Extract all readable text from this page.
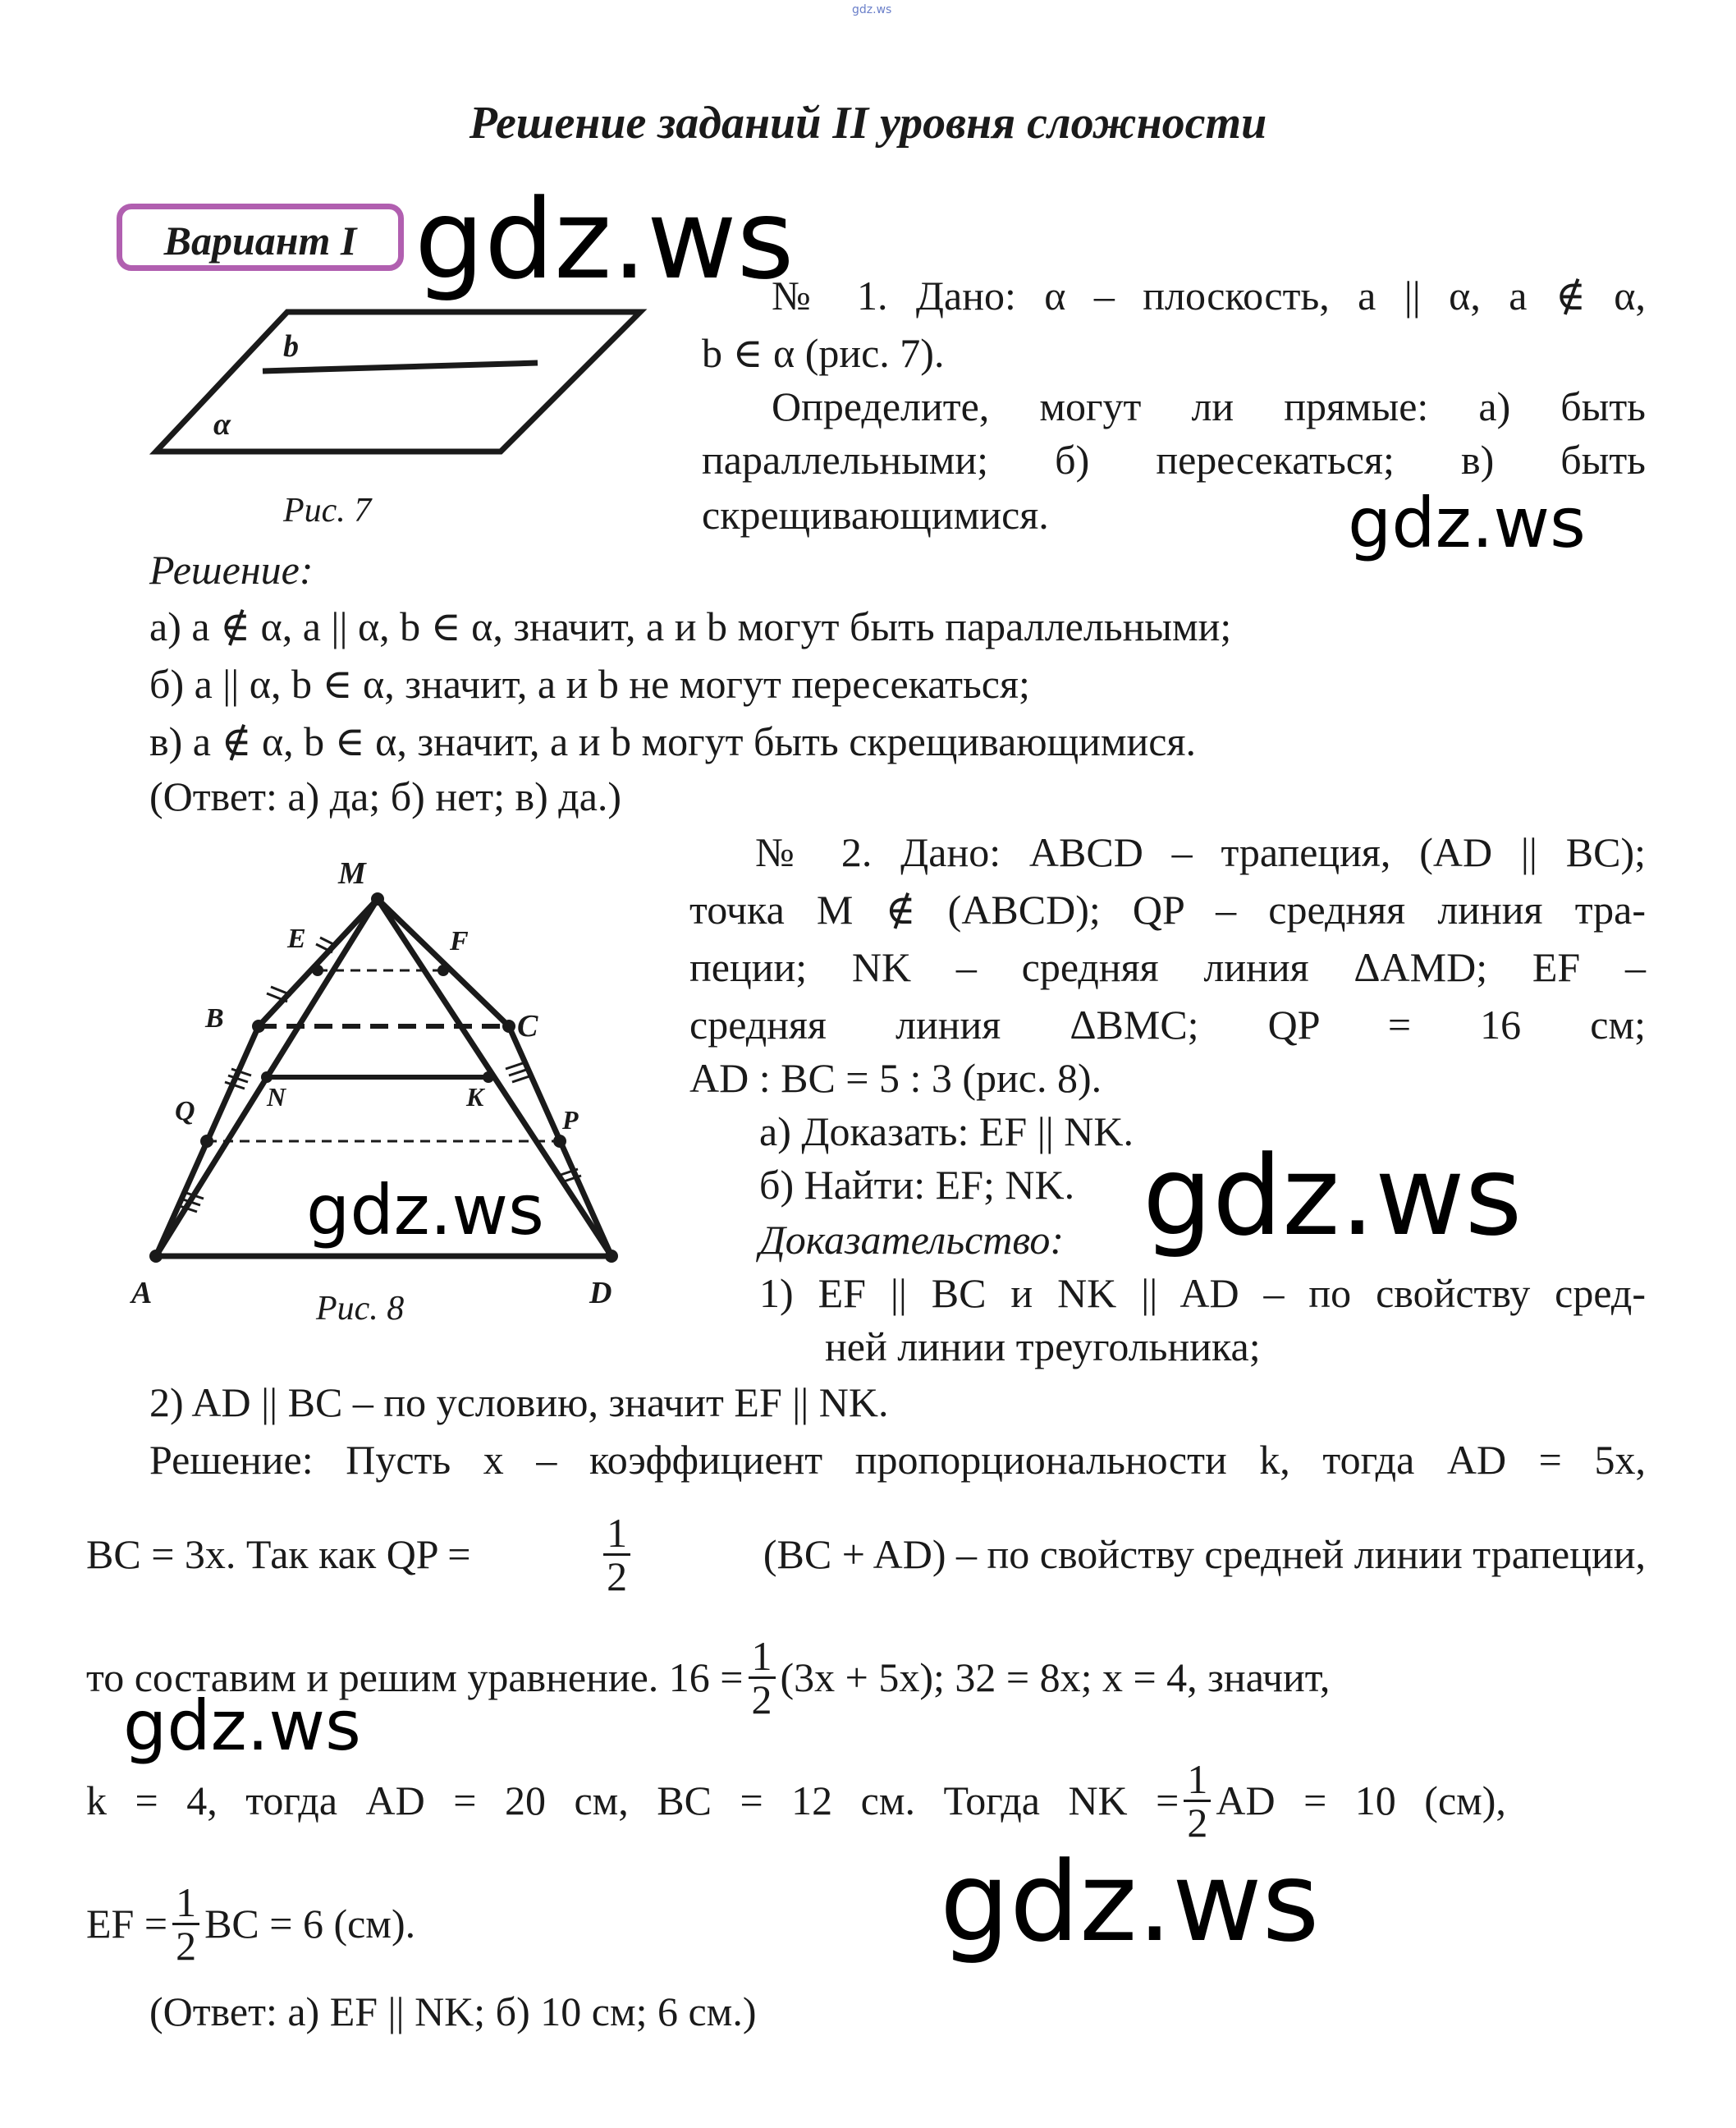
gdz.ws
Решение заданий II уровня сложности
Вариант I gdz.ws
gdz.ws
gdz.ws
gdz.ws
gdz.ws
gdz.ws
b
α
Рис. 7
№ 1. Дано: α – плоскость, a || α, a ∉ α,
b ∈ α (рис. 7).
Определите, могут ли прямые: а) быть
параллельными; б) пересекаться; в) быть
скрещивающимися.
Решение:
а) a ∉ α, a || α, b ∈ α, значит, a и b могут быть параллельными;
б) a || α, b ∈ α, значит, a и b не могут пересекаться;
в) a ∉ α, b ∈ α, значит, a и b могут быть скрещивающимися.
(Ответ: а) да; б) нет; в) да.)
M
E	F
B	C
Q	N	K
P
A	D
Рис. 8
№ 2. Дано: ABCD – трапеция, (AD || BC);
точка M ∉ (ABCD); QP – средняя линия тра-
пеции; NK – средняя линия ΔAMD; EF –
средняя линия ΔBMC; QP = 16 см;
AD : BC = 5 : 3 (рис. 8).
а) Доказать: EF || NK.
б) Найти: EF; NK.
Доказательство:
1) EF || BC и NK || AD – по свойству сред-
ней линии треугольника;
2) AD || BC – по условию, значит EF || NK.
Решение: Пусть x – коэффициент пропорциональности k, тогда AD = 5x,
BC = 3x. Так как QP =	$\frac{1}{2}$	(BC + AD) – по свойству средней линии трапеции,
то составим и решим уравнение. $16 = \frac{1}{2} (3x + 5x)$; 32 = 8x; x = 4, значит,
k = 4, тогда AD = 20 см, BC = 12 см. Тогда NK = $\frac{1}{2}$ AD = 10 (см),
EF = $\frac{1}{2}$ BC = 6 (см).
(Ответ: а) EF || NK; б) 10 см; 6 см.)
